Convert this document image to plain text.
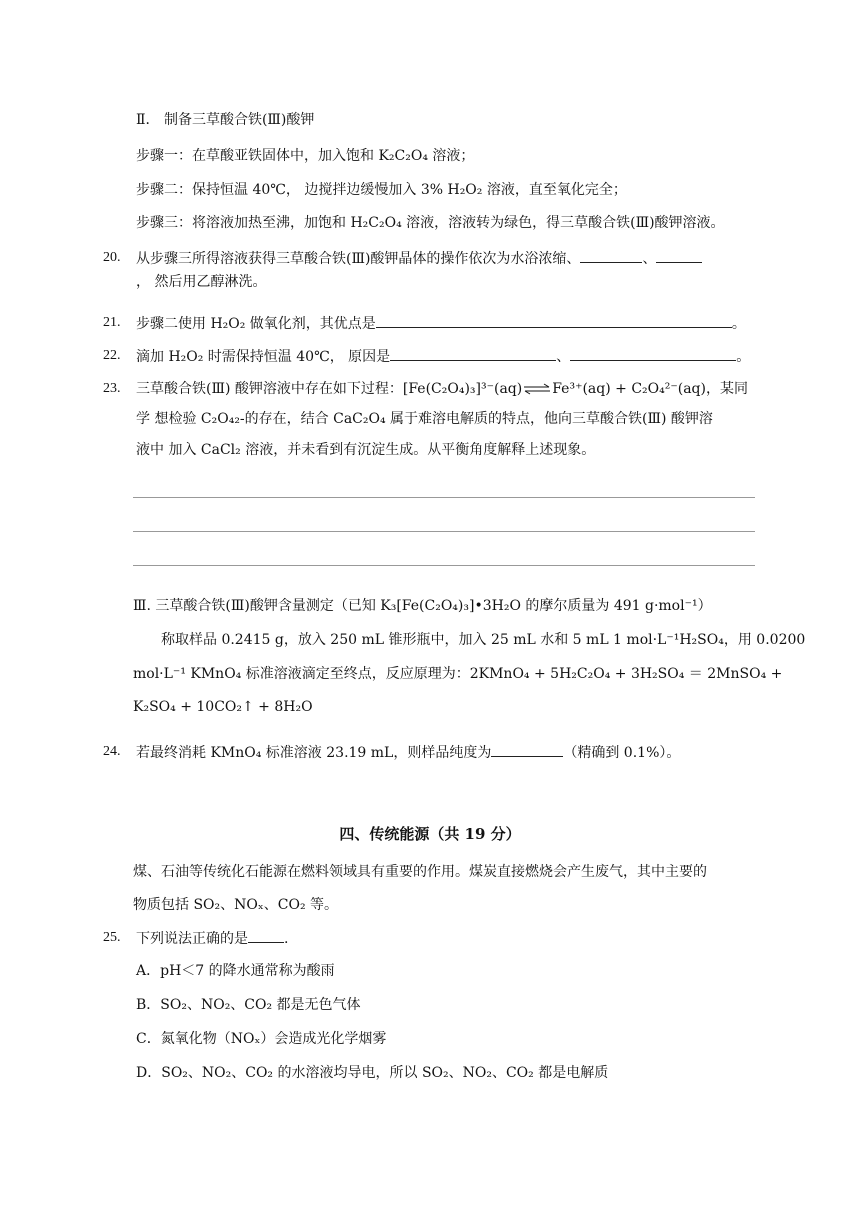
Ⅱ． 制备三草酸合铁(Ⅲ)酸钾
步骤一：在草酸亚铁固体中，加入饱和 K₂C₂O₄ 溶液；
步骤二：保持恒温 40℃， 边搅拌边缓慢加入 3% H₂O₂ 溶液，直至氧化完全；
步骤三：将溶液加热至沸，加饱和 H₂C₂O₄ 溶液，溶液转为绿色，得三草酸合铁(Ⅲ)酸钾溶液。
20. 从步骤三所得溶液获得三草酸合铁(Ⅲ)酸钾晶体的操作依次为水浴浓缩、	、
， 然后用乙醇淋洗。
21. 步骤二使用 H₂O₂ 做氧化剂，其优点是	。
22. 滴加 H₂O₂ 时需保持恒温 40℃， 原因是	、	。
23. 三草酸合铁(Ⅲ) 酸钾溶液中存在如下过程：[Fe(C₂O₄)₃]³⁻(aq)⇌Fe³⁺(aq) + C₂O₄²⁻(aq)，某同
学 想检验 C₂O₄₂-的存在，结合 CaC₂O₄ 属于难溶电解质的特点，他向三草酸合铁(Ⅲ) 酸钾溶
液中 加入 CaCl₂ 溶液，并未看到有沉淀生成。从平衡角度解释上述现象。
Ⅲ. 三草酸合铁(Ⅲ)酸钾含量测定（已知 K₃[Fe(C₂O₄)₃]•3H₂O 的摩尔质量为 491 g·mol⁻¹）
称取样品 0.2415 g，放入 250 mL 锥形瓶中，加入 25 mL 水和 5 mL 1 mol·L⁻¹H₂SO₄，用 0.0200
mol·L⁻¹ KMnO₄ 标准溶液滴定至终点，反应原理为：2KMnO₄ + 5H₂C₂O₄ + 3H₂SO₄ ＝ 2MnSO₄ +
K₂SO₄ + 10CO₂↑ + 8H₂O
24. 若最终消耗 KMnO₄ 标准溶液 23.19 mL，则样品纯度为	（精确到 0.1%）。
四、传统能源（共 19 分）
煤、石油等传统化石能源在燃料领域具有重要的作用。煤炭直接燃烧会产生废气，其中主要的
物质包括 SO₂、NOₓ、CO₂ 等。
25. 下列说法正确的是	.
A．pH＜7 的降水通常称为酸雨
B．SO₂、NO₂、CO₂ 都是无色气体
C．氮氧化物（NOₓ）会造成光化学烟雾
D．SO₂、NO₂、CO₂ 的水溶液均导电，所以 SO₂、NO₂、CO₂ 都是电解质
